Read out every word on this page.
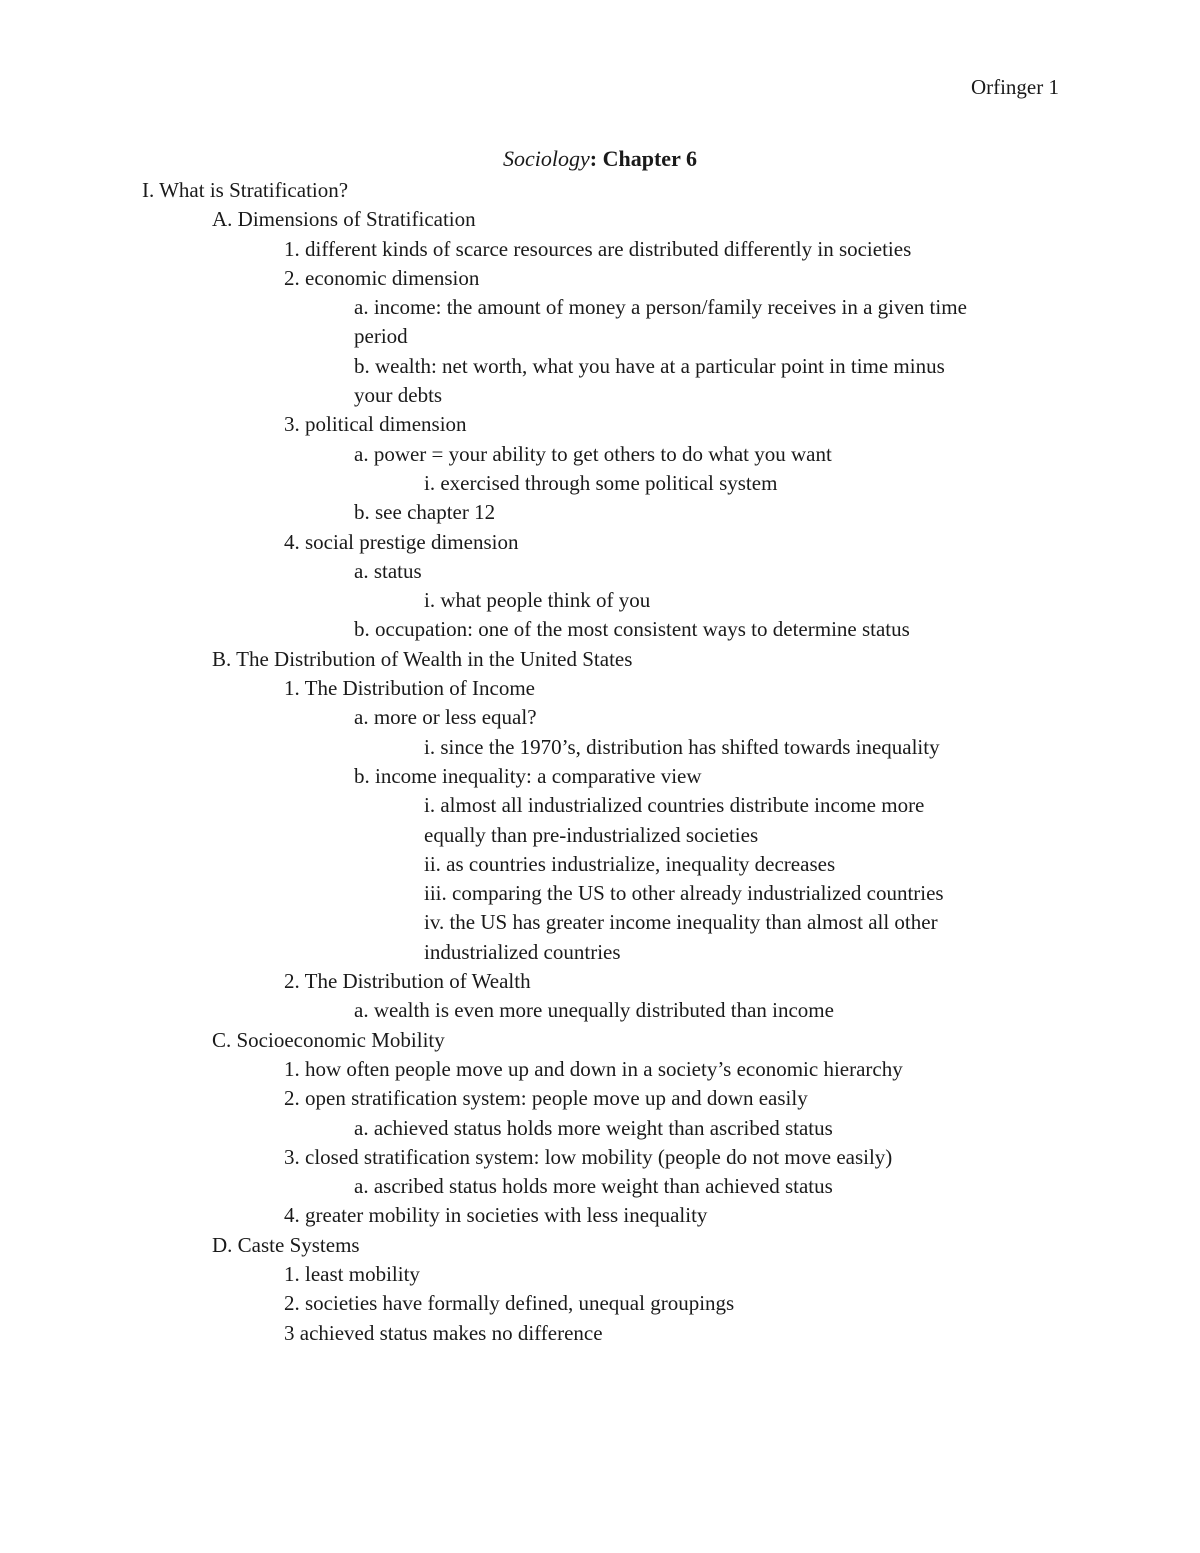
Orfinger 1
Sociology: Chapter 6
I. What is Stratification?
A. Dimensions of Stratification
1. different kinds of scarce resources are distributed differently in societies
2. economic dimension
a. income: the amount of money a person/family receives in a given time
period
b. wealth: net worth, what you have at a particular point in time minus
your debts
3. political dimension
a. power = your ability to get others to do what you want
i. exercised through some political system
b. see chapter 12
4. social prestige dimension
a. status
i. what people think of you
b. occupation: one of the most consistent ways to determine status
B. The Distribution of Wealth in the United States
1. The Distribution of Income
a. more or less equal?
i. since the 1970’s, distribution has shifted towards inequality
b. income inequality: a comparative view
i. almost all industrialized countries distribute income more
equally than pre-industrialized societies
ii. as countries industrialize, inequality decreases
iii. comparing the US to other already industrialized countries
iv. the US has greater income inequality than almost all other
industrialized countries
2. The Distribution of Wealth
a. wealth is even more unequally distributed than income
C. Socioeconomic Mobility
1. how often people move up and down in a society’s economic hierarchy
2. open stratification system: people move up and down easily
a. achieved status holds more weight than ascribed status
3. closed stratification system: low mobility (people do not move easily)
a. ascribed status holds more weight than achieved status
4. greater mobility in societies with less inequality
D. Caste Systems
1. least mobility
2. societies have formally defined, unequal groupings
3 achieved status makes no difference
